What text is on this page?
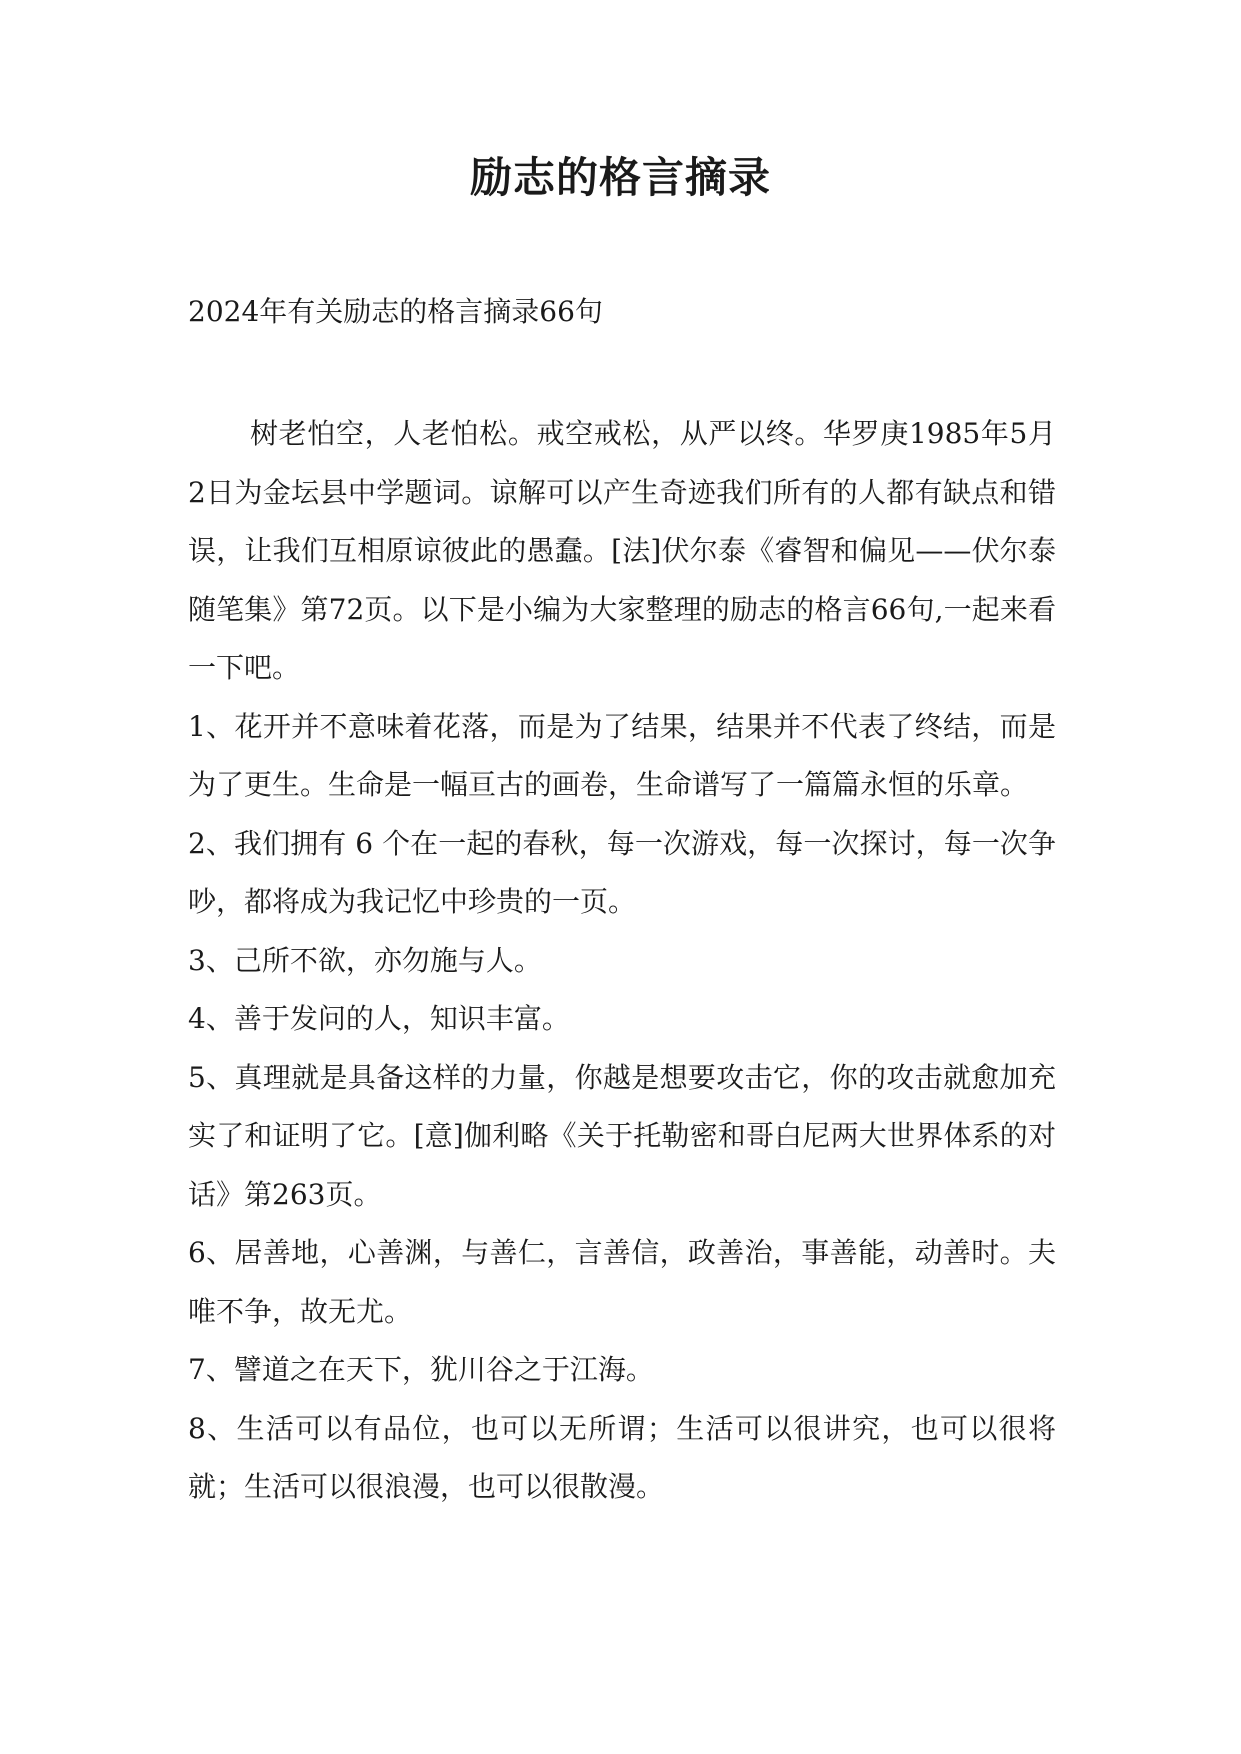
励志的格言摘录

2024年有关励志的格言摘录66句

树老怕空，人老怕松。戒空戒松，从严以终。华罗庚1985年5月2日为金坛县中学题词。谅解可以产生奇迹我们所有的人都有缺点和错误，让我们互相原谅彼此的愚蠢。[法]伏尔泰《睿智和偏见——伏尔泰随笔集》第72页。以下是小编为大家整理的励志的格言66句,一起来看一下吧。

1、花开并不意味着花落，而是为了结果，结果并不代表了终结，而是为了更生。生命是一幅亘古的画卷，生命谱写了一篇篇永恒的乐章。

2、我们拥有 6 个在一起的春秋，每一次游戏，每一次探讨，每一次争吵，都将成为我记忆中珍贵的一页。

3、己所不欲，亦勿施与人。

4、善于发问的人，知识丰富。

5、真理就是具备这样的力量，你越是想要攻击它，你的攻击就愈加充实了和证明了它。[意]伽利略《关于托勒密和哥白尼两大世界体系的对话》第263页。

6、居善地，心善渊，与善仁，言善信，政善治，事善能，动善时。夫唯不争，故无尤。

7、譬道之在天下，犹川谷之于江海。

8、生活可以有品位，也可以无所谓；生活可以很讲究，也可以很将就；生活可以很浪漫，也可以很散漫。
